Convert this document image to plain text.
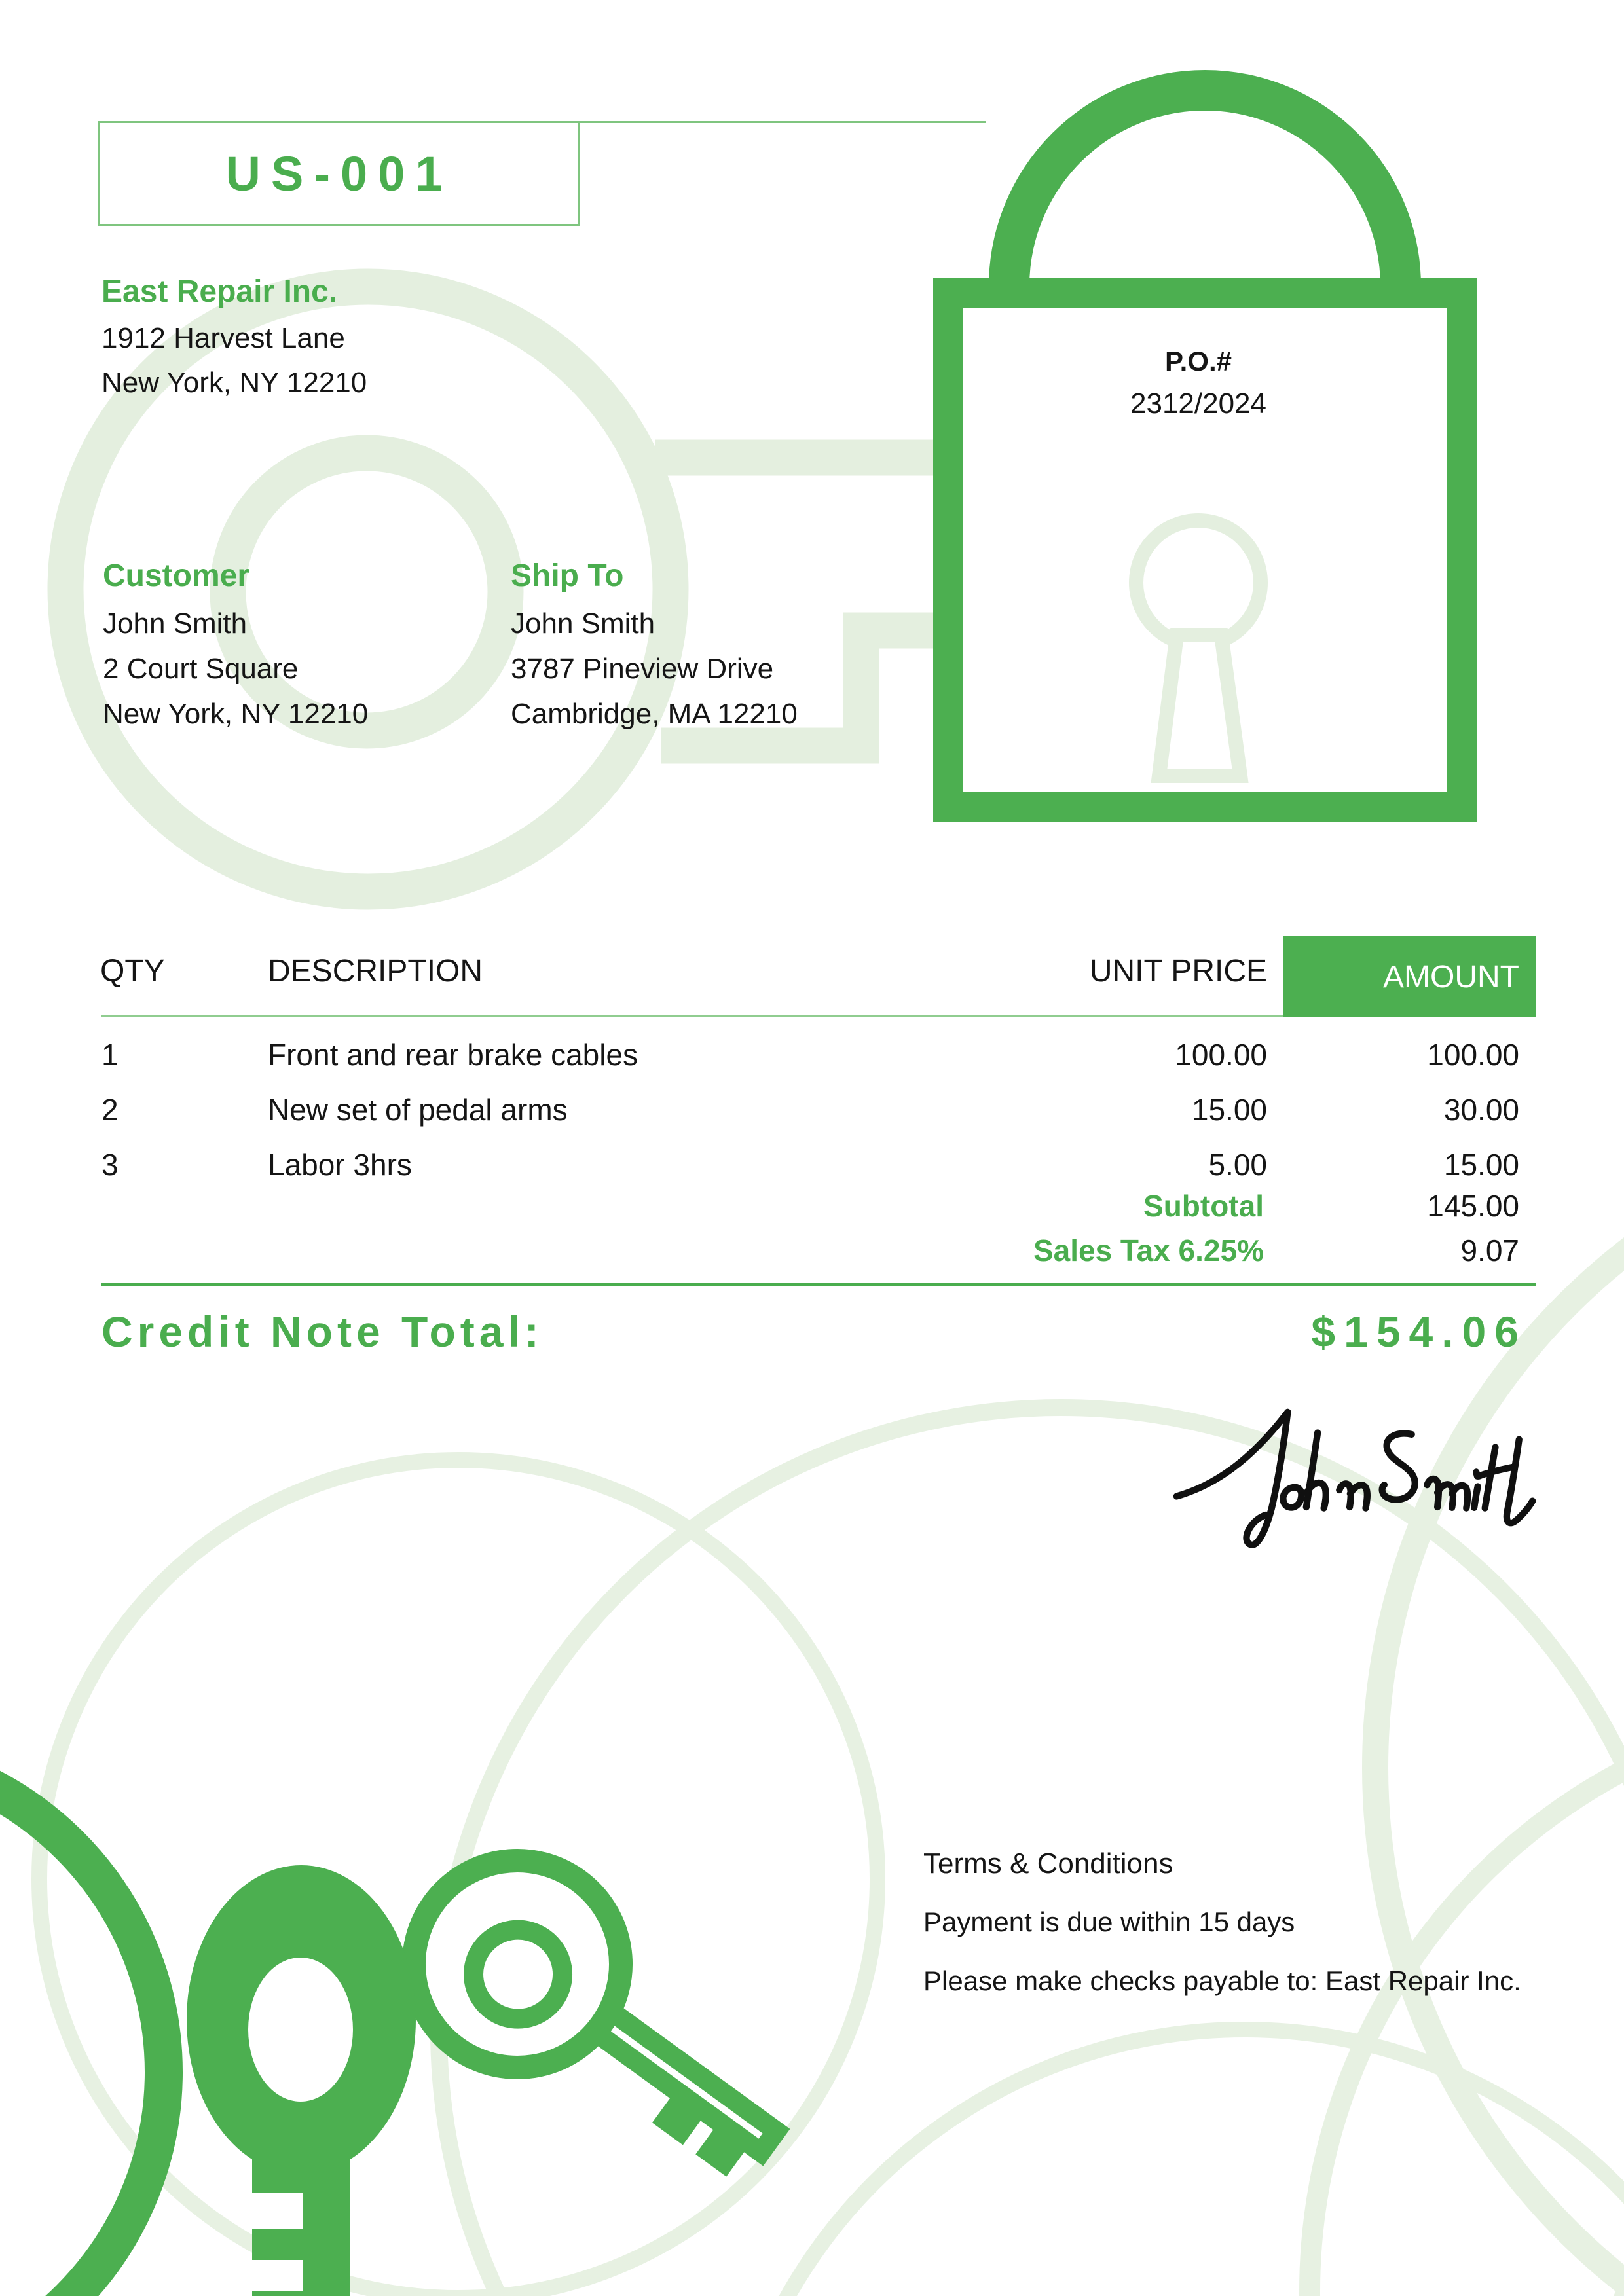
US-001
East Repair Inc.
1912 Harvest Lane
New York, NY 12210
Customer
John Smith
2 Court Square
New York, NY 12210
Ship To
John Smith
3787 Pineview Drive
Cambridge, MA 12210
P.O.#
2312/2024
QTY	DESCRIPTION	UNIT PRICE	AMOUNT
1	Front and rear brake cables	100.00	100.00
2	New set of pedal arms	15.00	30.00
3	Labor 3hrs	5.00	15.00
Subtotal	145.00
Sales Tax 6.25%	9.07
Credit Note Total:	$154.06
Terms & Conditions
Payment is due within 15 days
Please make checks payable to: East Repair Inc.
